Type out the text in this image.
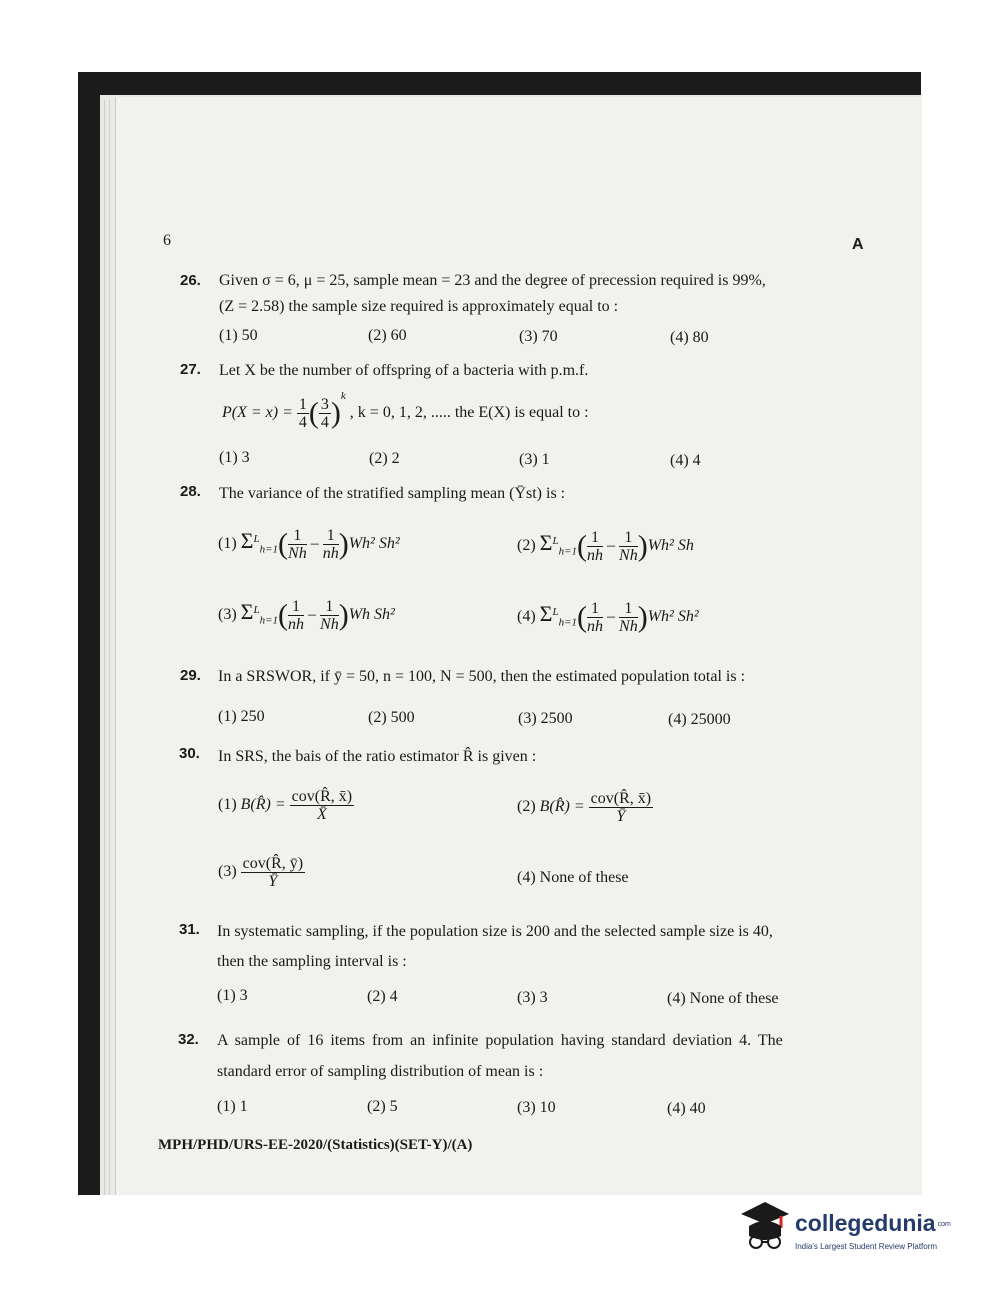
6	A
26. Given σ = 6, μ = 25, sample mean = 23 and the degree of precession required is 99%,
(Z = 2.58) the sample size required is approximately equal to :
(1) 50	(2) 60	(3) 70	(4) 80
27. Let X be the number of offspring of a bacteria with p.m.f.
$P(X = x) = \frac{1}{4}$ ( $\frac{3}{4} )^k$ , k = 0, 1, 2, ..... the E(X) is equal to :
(1) 3	(2) 2	(3) 1	(4) 4
28. The variance of the stratified sampling mean (Ȳst) is :
(1) $\Sigma^L_{h=1}( \frac{1}{Nh} - \frac{1}{nh} )Wh^2$ Sh²	(2) $\Sigma^L_{h=1}( \frac{1}{nh} - \frac{1}{Nh} )Wh^2$ Sh
(3) $\Sigma^L_{h=1}( \frac{1}{nh} - \frac{1}{Nh} )Wh$ Sh²	(4) $\Sigma^L_{h=1}( \frac{1}{nh} - \frac{1}{Nh} )Wh^2$ Sh²
29. In a SRSWOR, if ȳ = 50, n = 100, N = 500, then the estimated population total is :
(1) 250	(2) 500	(3) 2500	(4) 25000
30. In SRS, the bais of the ratio estimator R̂ is given :
(1) B(R̂) = $\frac{\text{cov(R̂, x̄)}}{X̄}$	(2) B(R̂) = $\frac{\text{cov(R̂, x̄)}}{Ȳ}$
$(3) \frac{\text{cov(R̂, ȳ)}}{Ȳ}$	(4) None of these
31. In systematic sampling, if the population size is 200 and the selected sample size is 40,
then the sampling interval is :
(1) 3	(2) 4	(3) 3	(4) None of these
32. A sample of 16 items from an infinite population having standard deviation 4. The
standard error of sampling distribution of mean is :
(1) 1	(2) 5	(3) 10	(4) 40
MPH/PHD/URS-EE-2020/(Statistics)(SET-Y)/(A)
collegedunia com
India's Largest Student Review Platform
